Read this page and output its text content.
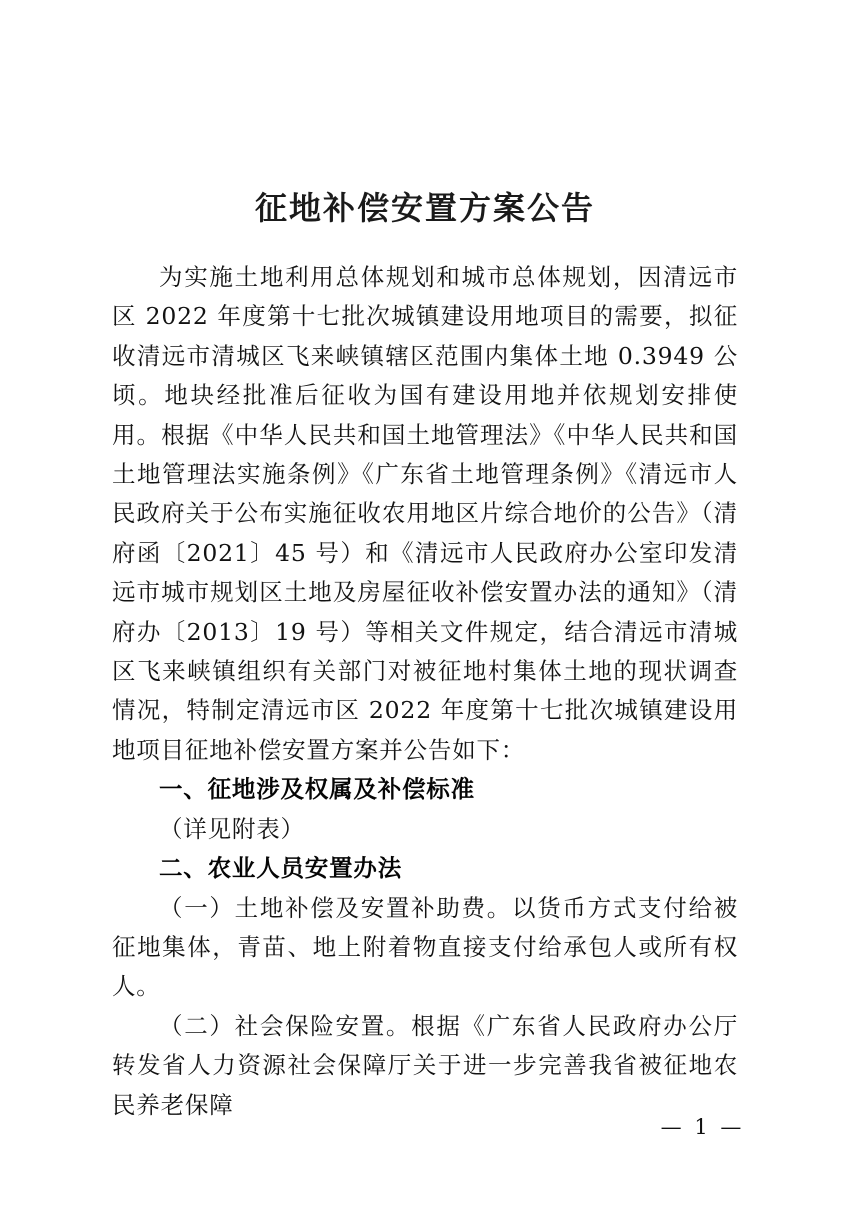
征地补偿安置方案公告

为实施土地利用总体规划和城市总体规划，因清远市区 2022 年度第十七批次城镇建设用地项目的需要，拟征收清远市清城区飞来峡镇辖区范围内集体土地 0.3949 公顷。地块经批准后征收为国有建设用地并依规划安排使用。根据《中华人民共和国土地管理法》《中华人民共和国土地管理法实施条例》《广东省土地管理条例》《清远市人民政府关于公布实施征收农用地区片综合地价的公告》（清府函〔2021〕45 号）和《清远市人民政府办公室印发清远市城市规划区土地及房屋征收补偿安置办法的通知》（清府办〔2013〕19 号）等相关文件规定，结合清远市清城区飞来峡镇组织有关部门对被征地村集体土地的现状调查情况，特制定清远市区 2022 年度第十七批次城镇建设用地项目征地补偿安置方案并公告如下：

一、征地涉及权属及补偿标准

（详见附表）

二、农业人员安置办法

（一）土地补偿及安置补助费。以货币方式支付给被征地集体，青苗、地上附着物直接支付给承包人或所有权人。

（二）社会保险安置。根据《广东省人民政府办公厅转发省人力资源社会保障厅关于进一步完善我省被征地农民养老保障

— 1 —
